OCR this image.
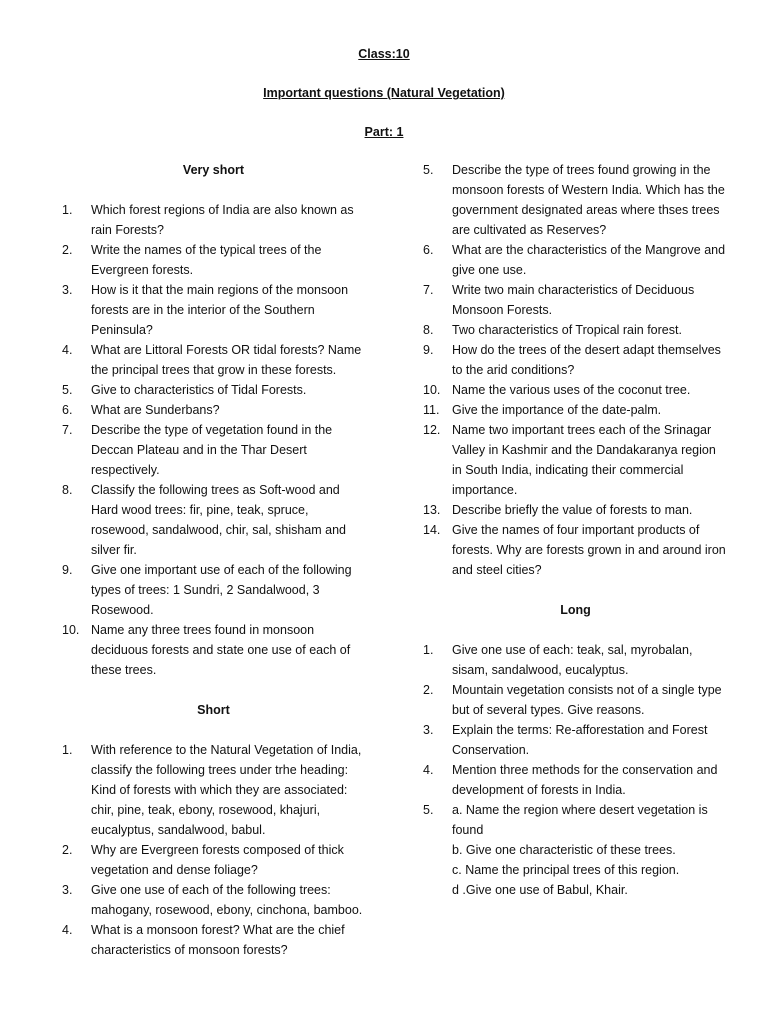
Class:10
Important questions (Natural Vegetation)
Part: 1
Very short
1. Which forest regions of India are also known as rain Forests?
2. Write the names of the typical trees of the Evergreen forests.
3. How is it that the main regions of the monsoon forests are in the interior of the Southern Peninsula?
4. What are Littoral Forests OR tidal forests? Name the principal trees that grow in these forests.
5. Give to characteristics of Tidal Forests.
6. What are Sunderbans?
7. Describe the type of vegetation found in the Deccan Plateau and in the Thar Desert respectively.
8. Classify the following trees as Soft-wood and Hard wood trees: fir, pine, teak, spruce, rosewood, sandalwood, chir, sal, shisham and silver fir.
9. Give one important use of each of the following types of trees: 1 Sundri, 2 Sandalwood, 3 Rosewood.
10. Name any three trees found in monsoon deciduous forests and state one use of each of these trees.
Short
1. With reference to the Natural Vegetation of India, classify the following trees under trhe heading: Kind of forests with which they are associated: chir, pine, teak, ebony, rosewood, khajuri, eucalyptus, sandalwood, babul.
2. Why are Evergreen forests composed of thick vegetation and dense foliage?
3. Give one use of each of the following trees: mahogany, rosewood, ebony, cinchona, bamboo.
4. What is a monsoon forest? What are the chief characteristics of monsoon forests?
5. Describe the type of trees found growing in the monsoon forests of Western India. Which has the government designated areas where thses trees are cultivated as Reserves?
6. What are the characteristics of the Mangrove and give one use.
7. Write two main characteristics of Deciduous Monsoon Forests.
8. Two characteristics of Tropical rain forest.
9. How do the trees of the desert adapt themselves to the arid conditions?
10. Name the various uses of the coconut tree.
11. Give the importance of the date-palm.
12. Name two important trees each of the Srinagar Valley in Kashmir and the Dandakaranya region in South India, indicating their commercial importance.
13. Describe briefly the value of forests to man.
14. Give the names of four important products of forests. Why are forests grown in and around iron and steel cities?
Long
1. Give one use of each: teak, sal, myrobalan, sisam, sandalwood, eucalyptus.
2. Mountain vegetation consists not of a single type but of several types. Give reasons.
3. Explain the terms: Re-afforestation and Forest Conservation.
4. Mention three methods for the conservation and development of forests in India.
5. a. Name the region where desert vegetation is found
b. Give one characteristic of these trees.
c. Name the principal trees of this region.
d .Give one use of Babul, Khair.
